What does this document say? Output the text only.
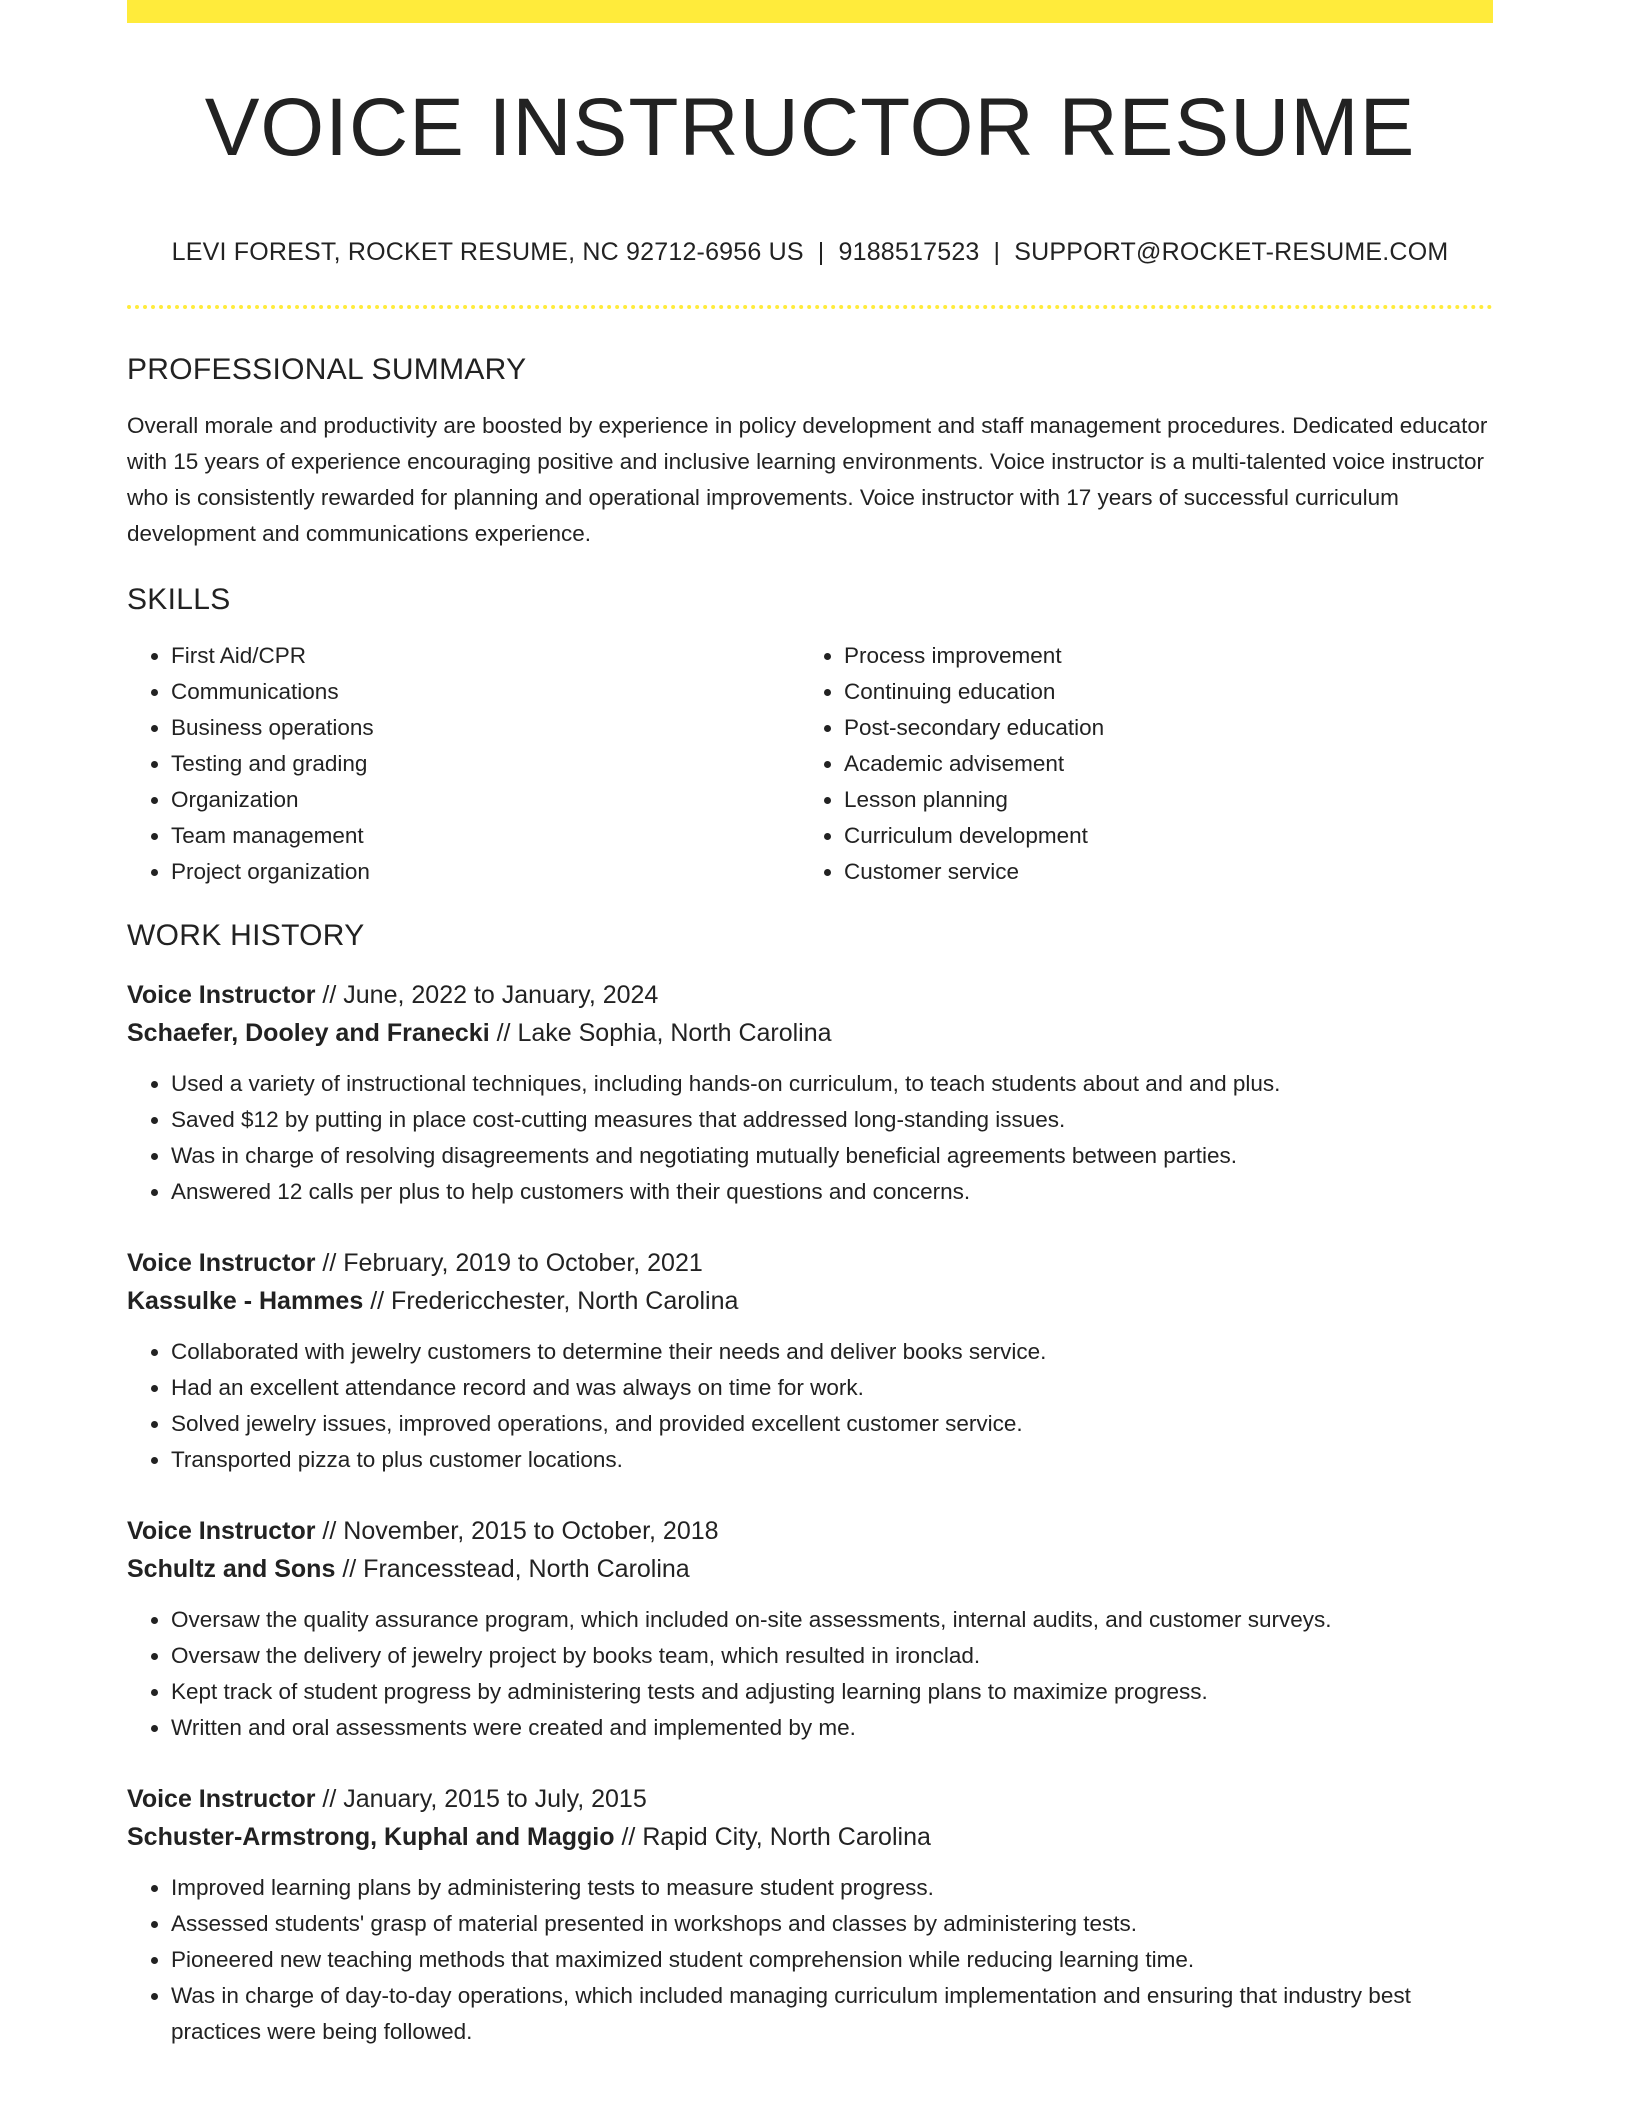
VOICE INSTRUCTOR RESUME
LEVI FOREST, ROCKET RESUME, NC 92712-6956 US | 9188517523 | SUPPORT@ROCKET-RESUME.COM
PROFESSIONAL SUMMARY

Overall morale and productivity are boosted by experience in policy development and staff management procedures. Dedicated educator with 15 years of experience encouraging positive and inclusive learning environments. Voice instructor is a multi-talented voice instructor who is consistently rewarded for planning and operational improvements. Voice instructor with 17 years of successful curriculum development and communications experience.

SKILLS
• First Aid/CPR
• Communications
• Business operations
• Testing and grading
• Organization
• Team management
• Project organization
• Process improvement
• Continuing education
• Post-secondary education
• Academic advisement
• Lesson planning
• Curriculum development
• Customer service
WORK HISTORY
Voice Instructor // June, 2022 to January, 2024
Schaefer, Dooley and Franecki // Lake Sophia, North Carolina
• Used a variety of instructional techniques, including hands-on curriculum, to teach students about and and plus.
• Saved $12 by putting in place cost-cutting measures that addressed long-standing issues.
• Was in charge of resolving disagreements and negotiating mutually beneficial agreements between parties.
• Answered 12 calls per plus to help customers with their questions and concerns.
Voice Instructor // February, 2019 to October, 2021
Kassulke - Hammes // Fredericchester, North Carolina
• Collaborated with jewelry customers to determine their needs and deliver books service.
• Had an excellent attendance record and was always on time for work.
• Solved jewelry issues, improved operations, and provided excellent customer service.
• Transported pizza to plus customer locations.
Voice Instructor // November, 2015 to October, 2018
Schultz and Sons // Francesstead, North Carolina
• Oversaw the quality assurance program, which included on-site assessments, internal audits, and customer surveys.
• Oversaw the delivery of jewelry project by books team, which resulted in ironclad.
• Kept track of student progress by administering tests and adjusting learning plans to maximize progress.
• Written and oral assessments were created and implemented by me.
Voice Instructor // January, 2015 to July, 2015
Schuster-Armstrong, Kuphal and Maggio // Rapid City, North Carolina
• Improved learning plans by administering tests to measure student progress.
• Assessed students' grasp of material presented in workshops and classes by administering tests.
• Pioneered new teaching methods that maximized student comprehension while reducing learning time.
• Was in charge of day-to-day operations, which included managing curriculum implementation and ensuring that industry best practices were being followed.
